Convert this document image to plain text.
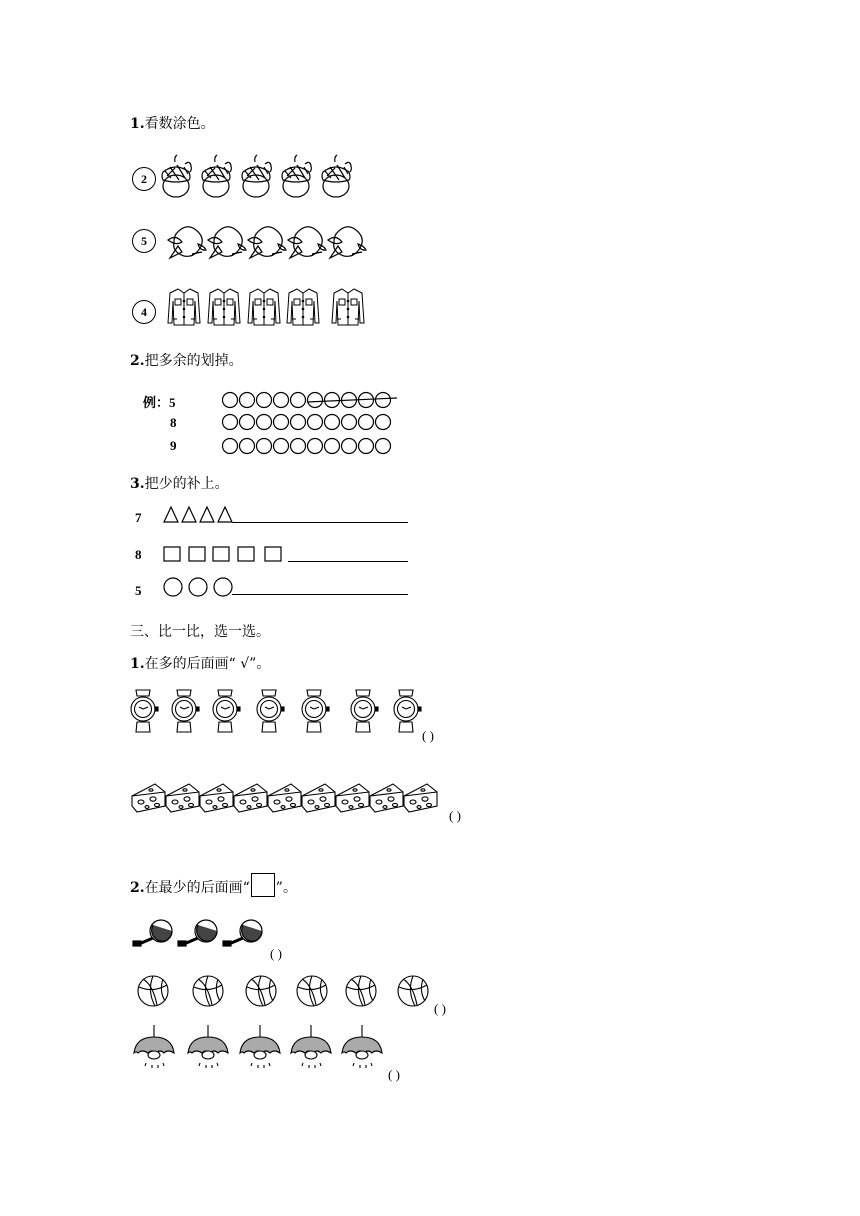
1.看数涂色。
2
5
4
2.把多余的划掉。
例：5
8
9
3.把少的补上。
7
8
5
三、比一比，选一选。
1.在多的后面画“ √”。
( )
( )
2.在最少的后面画“ ”。
( )
( )
( )
